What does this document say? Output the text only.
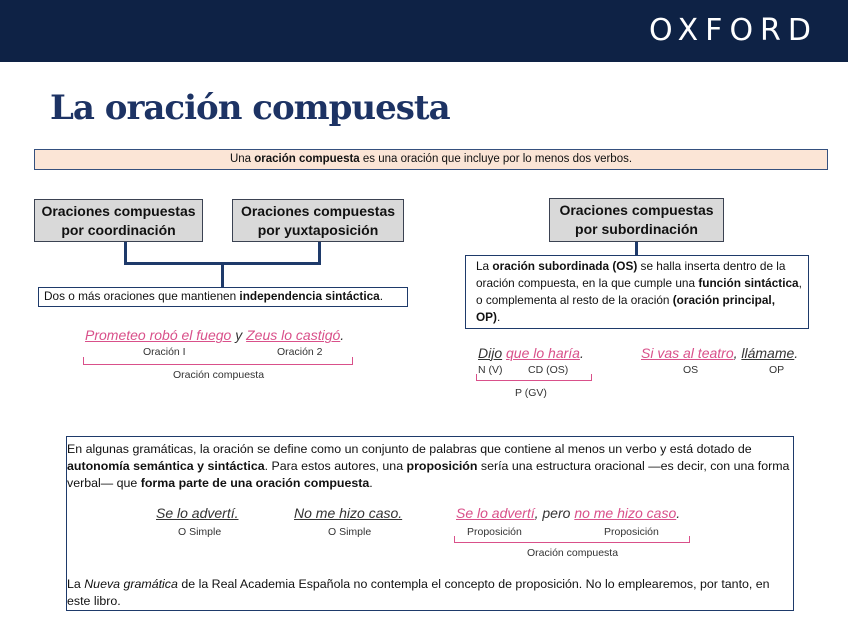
OXFORD
La oración compuesta
Una oración compuesta es una oración que incluye por lo menos dos verbos.
Oraciones compuestas
por coordinación
Oraciones compuestas
por yuxtaposición
Oraciones compuestas
por subordinación
Dos o más oraciones que mantienen independencia sintáctica.
La oración subordinada (OS) se halla inserta dentro de la oración compuesta, en la que cumple una función sintáctica, o complementa al resto de la oración (oración principal, OP).
Prometeo robó el fuego y Zeus lo castigó.
Oración I	Oración 2
Oración compuesta
Dijo que lo haría.
N (V) CD (OS)
P (GV)
Si vas al teatro, llámame.
OS	OP
En algunas gramáticas, la oración se define como un conjunto de palabras que contiene al menos un verbo y está dotado de autonomía semántica y sintáctica. Para estos autores, una proposición sería una estructura oracional —es decir, con una forma verbal— que forma parte de una oración compuesta.
Se lo advertí.
O Simple
No me hizo caso.
O Simple
Se lo advertí, pero no me hizo caso.
Proposición	Proposición
Oración compuesta
La Nueva gramática de la Real Academia Española no contempla el concepto de proposición. No lo emplearemos, por tanto, en este libro.
